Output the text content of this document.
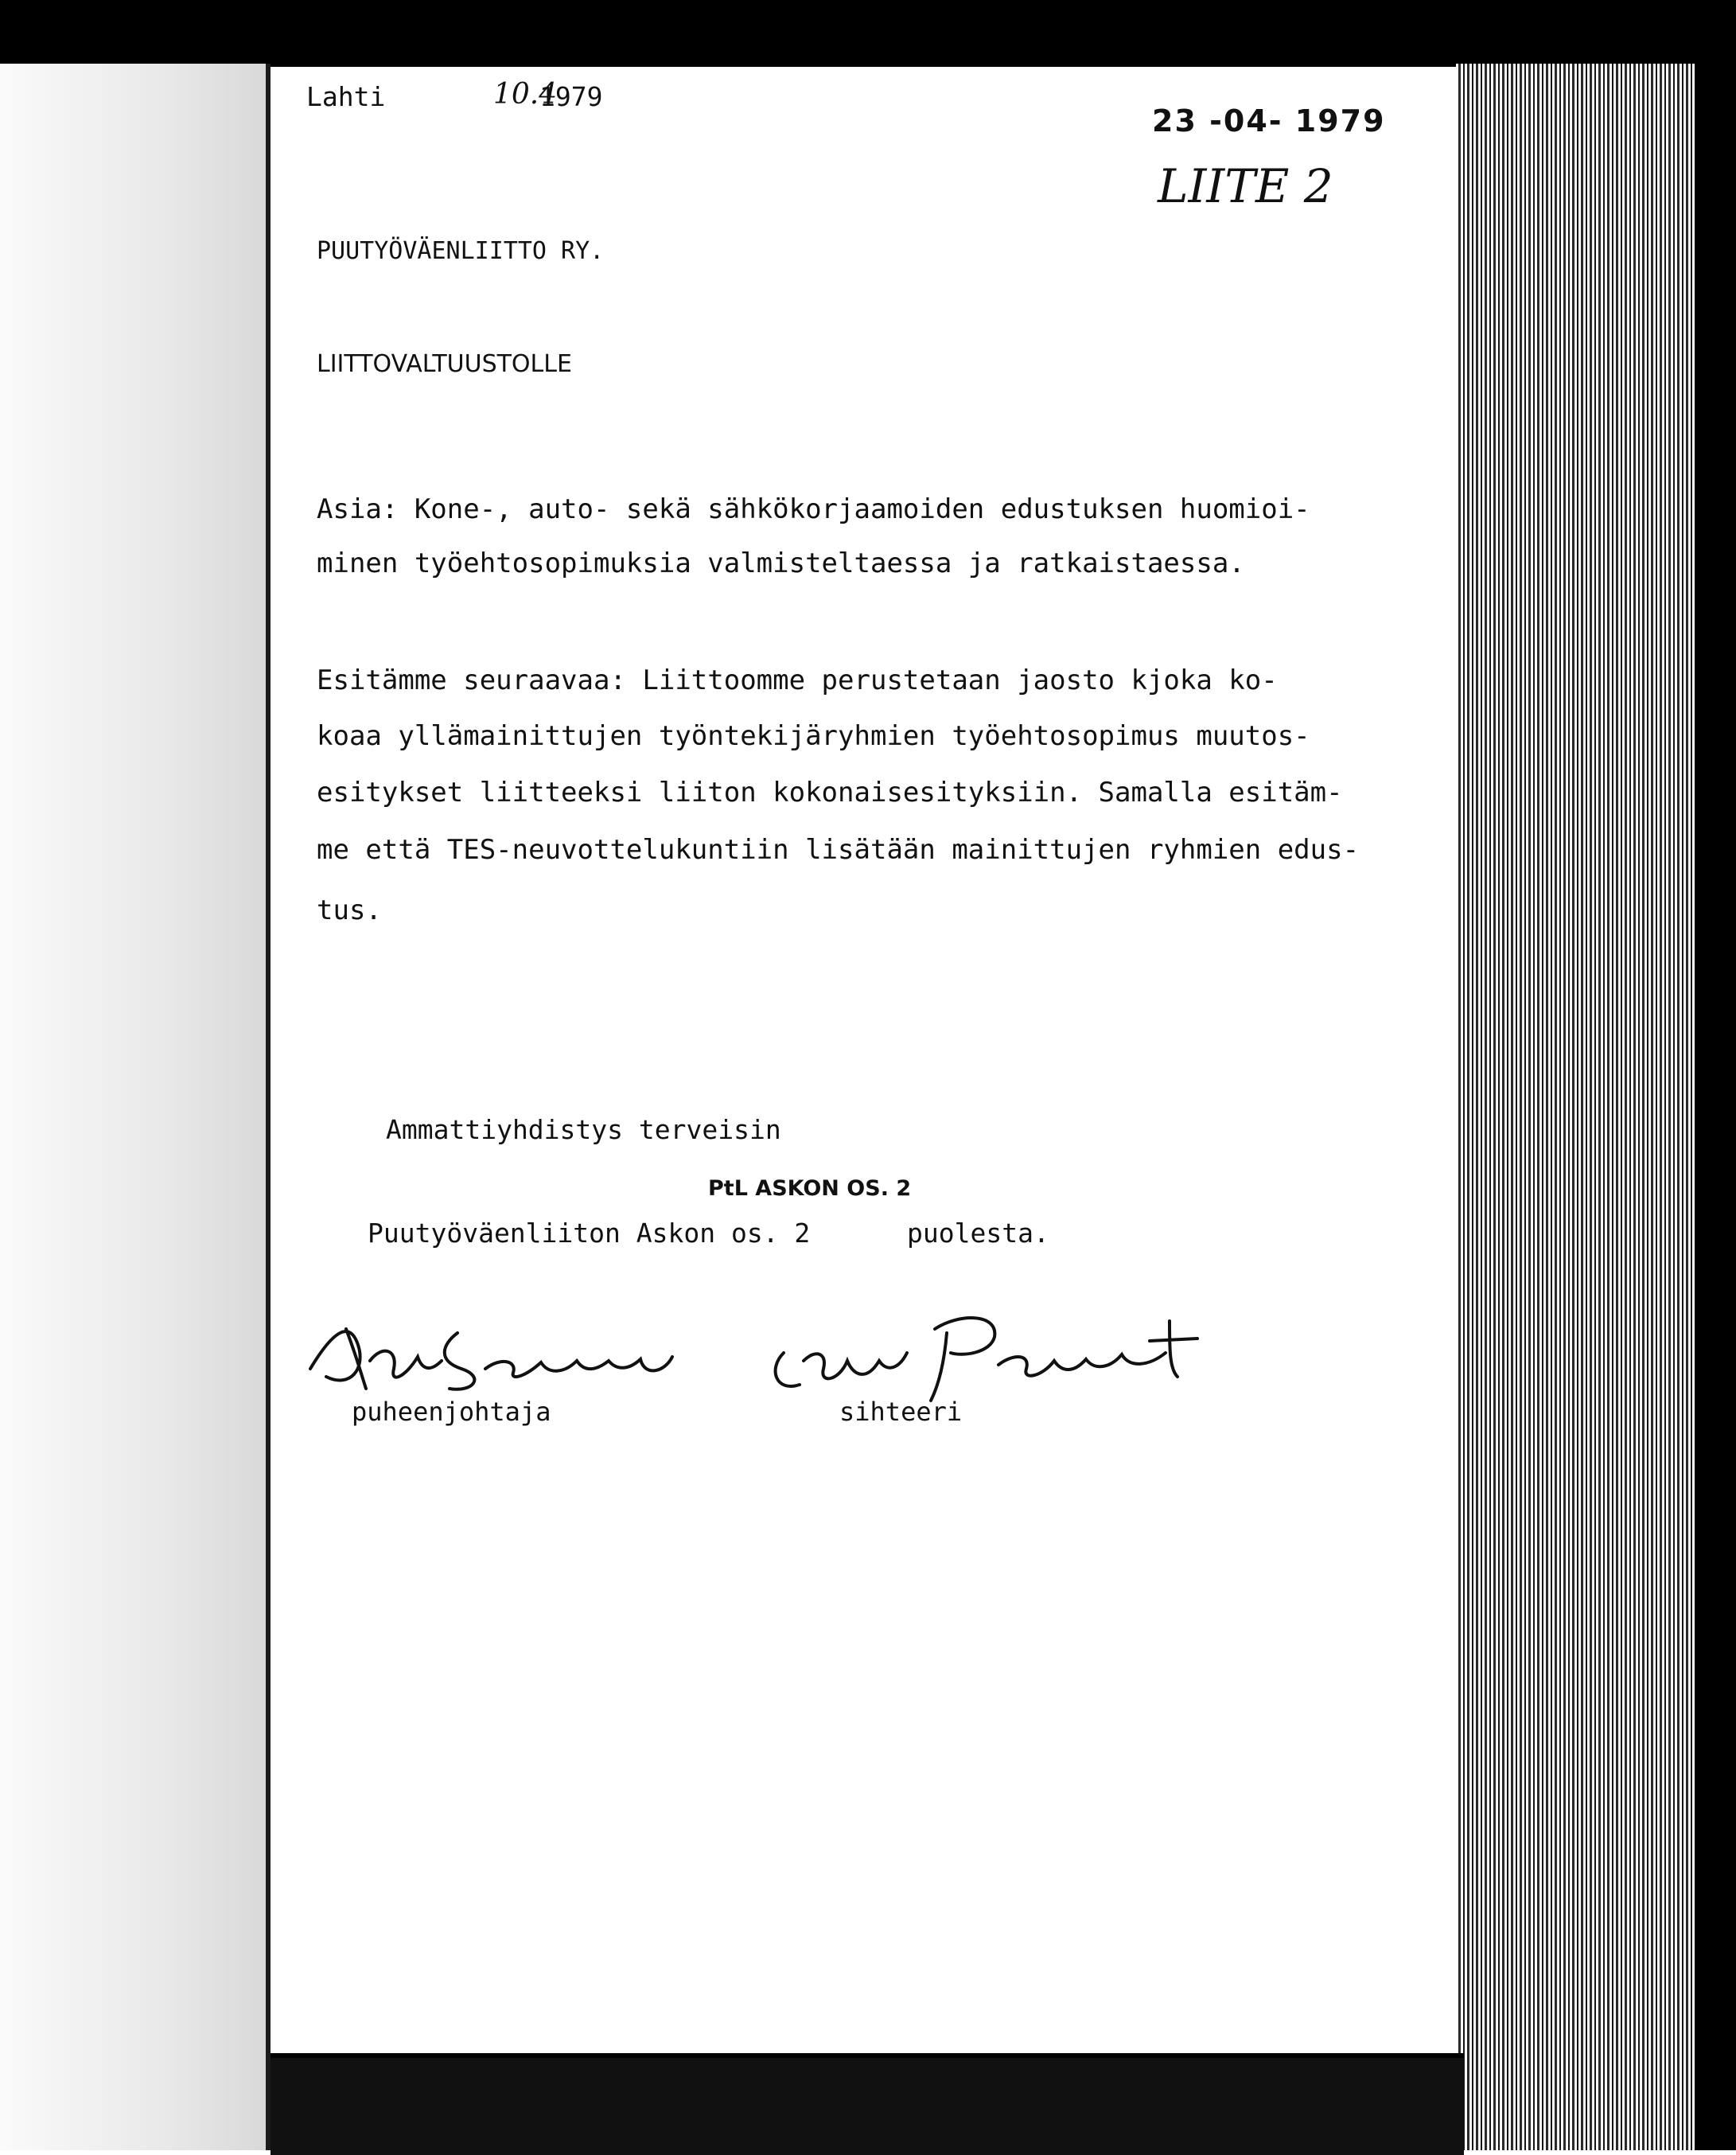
Lahti	10.4
1979
23 -04- 1979
LIITE 2
PUUTYÖVÄENLIITTO RY.
LIITTOVALTUUSTOLLE
Asia: Kone-, auto- sekä sähkökorjaamoiden edustuksen huomioi-
minen työehtosopimuksia valmisteltaessa ja ratkaistaessa.
Esitämme seuraavaa: Liittoomme perustetaan jaosto kjoka ko-
koaa yllämainittujen työntekijäryhmien työehtosopimus muutos-
esitykset liitteeksi liiton kokonaisesityksiin. Samalla esitäm-
me että TES-neuvottelukuntiin lisätään mainittujen ryhmien edus-
tus.
Ammattiyhdistys terveisin
PtL ASKON OS. 2
Puutyöväenliiton Askon os. 2	puolesta.
puheenjohtaja	sihteeri
